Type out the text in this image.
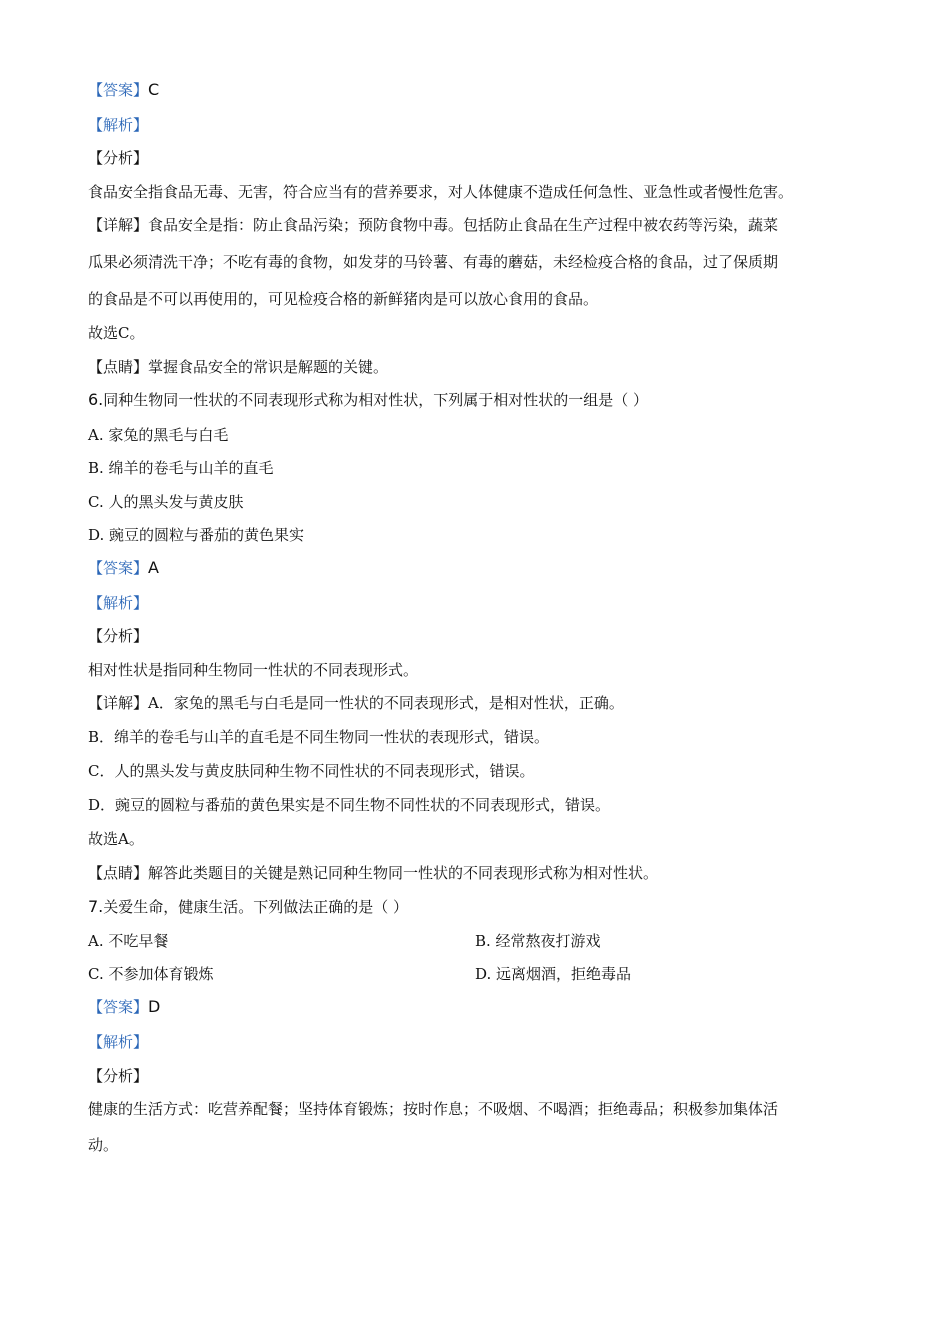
【答案】C
【解析】
【分析】
食品安全指食品无毒、无害，符合应当有的营养要求，对人体健康不造成任何急性、亚急性或者慢性危害。
【详解】食品安全是指：防止食品污染；预防食物中毒。包括防止食品在生产过程中被农药等污染，蔬菜
瓜果必须清洗干净；不吃有毒的食物，如发芽的马铃薯、有毒的蘑菇，未经检疫合格的食品，过了保质期
的食品是不可以再使用的，可见检疫合格的新鲜猪肉是可以放心食用的食品。
故选C。
【点睛】掌握食品安全的常识是解题的关键。
6.同种生物同一性状的不同表现形式称为相对性状，下列属于相对性状的一组是（ ）
A. 家兔的黑毛与白毛
B. 绵羊的卷毛与山羊的直毛
C. 人的黑头发与黄皮肤
D. 豌豆的圆粒与番茄的黄色果实
【答案】A
【解析】
【分析】
相对性状是指同种生物同一性状的不同表现形式。
【详解】A．家兔的黑毛与白毛是同一性状的不同表现形式，是相对性状，正确。
B．绵羊的卷毛与山羊的直毛是不同生物同一性状的表现形式，错误。
C．人的黑头发与黄皮肤同种生物不同性状的不同表现形式，错误。
D．豌豆的圆粒与番茄的黄色果实是不同生物不同性状的不同表现形式，错误。
故选A。
【点睛】解答此类题目的关键是熟记同种生物同一性状的不同表现形式称为相对性状。
7.关爱生命，健康生活。下列做法正确的是（ ）
A. 不吃早餐	B. 经常熬夜打游戏
C. 不参加体育锻炼	D. 远离烟酒，拒绝毒品
【答案】D
【解析】
【分析】
健康的生活方式：吃营养配餐；坚持体育锻炼；按时作息；不吸烟、不喝酒；拒绝毒品；积极参加集体活
动。
